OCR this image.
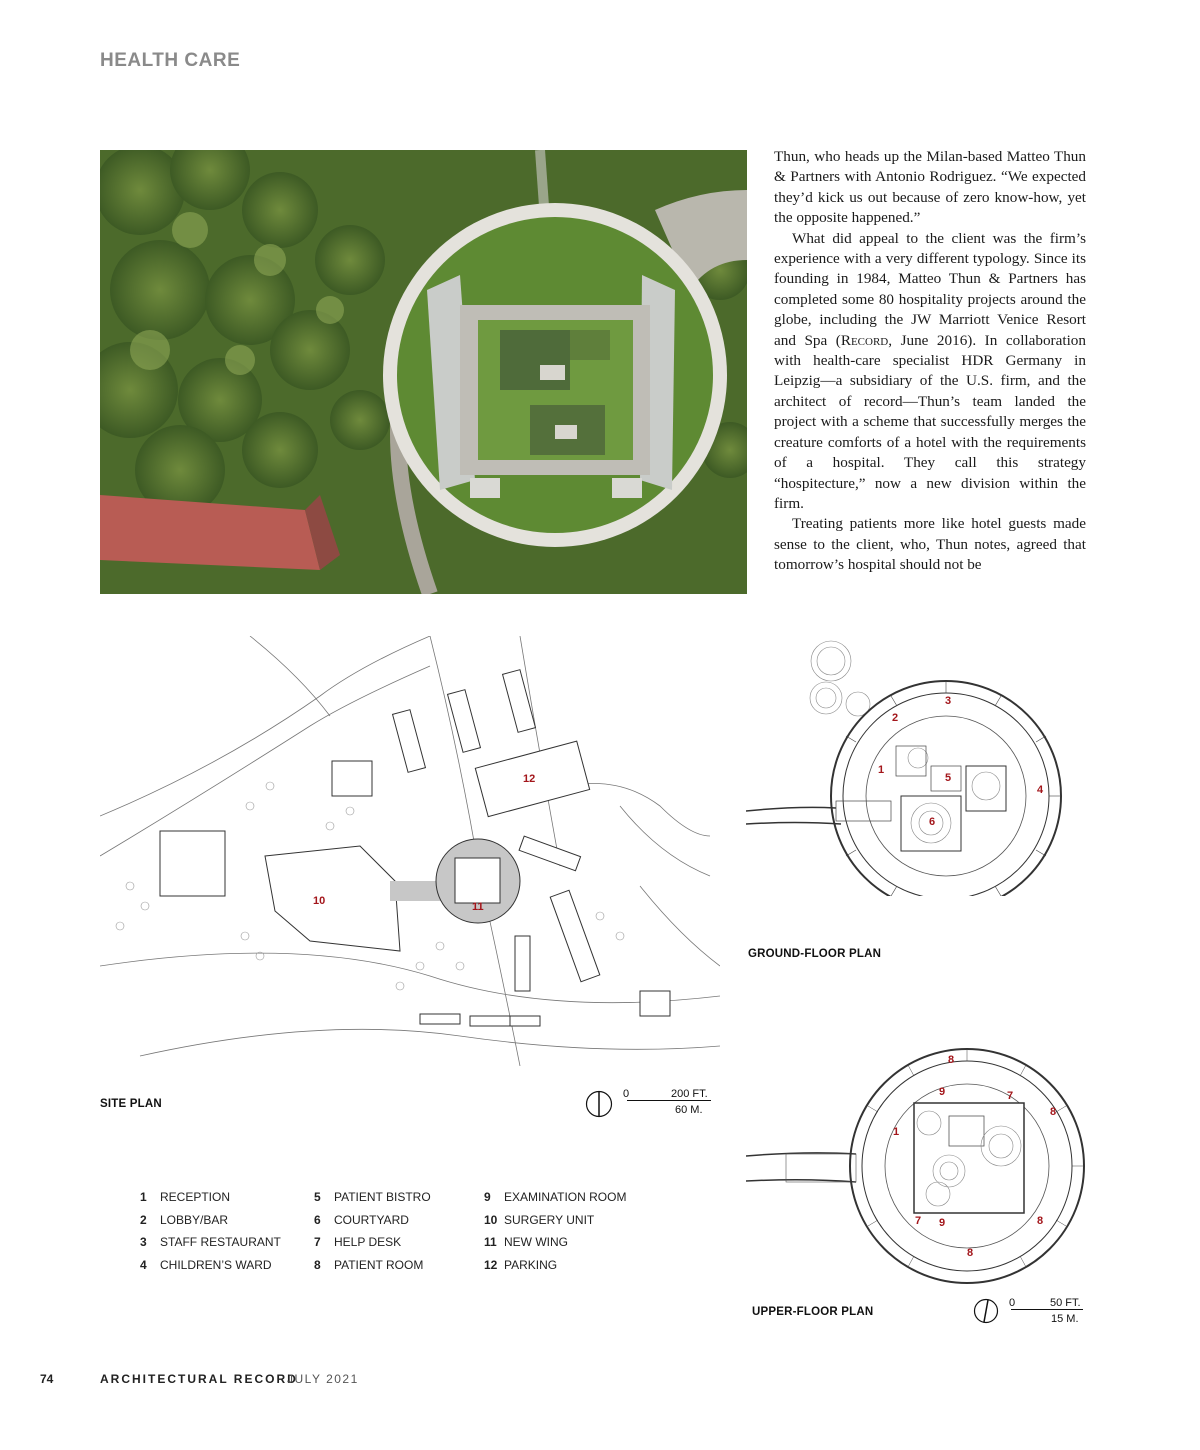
HEALTH CARE

Thun, who heads up the Milan-based Matteo Thun & Partners with Antonio Rodriguez. “We expected they’d kick us out because of zero know-how, yet the opposite happened.”

What did appeal to the client was the firm’s experience with a very different typology. Since its founding in 1984, Matteo Thun & Partners has completed some 80 hospitality projects around the globe, including the JW Marriott Venice Resort and Spa (Record, June 2016). In collaboration with health-care specialist HDR Germany in Leipzig—a subsidiary of the U.S. firm, and the architect of record—Thun’s team landed the project with a scheme that successfully merges the creature comforts of a hotel with the requirements of a hospital. They call this strategy “hospitecture,” now a new division within the firm.

Treating patients more like hotel guests made sense to the client, who, Thun notes, agreed that tomorrow’s hospital should not be

10	11
12
SITE PLAN
0	200 FT.
60 M.
1
2
3
4
5
6
GROUND-FLOOR PLAN
1
7
7
8
8
8
8
9
9
UPPER-FLOOR PLAN
0	50 FT.
15 M.
1 RECEPTION
2 LOBBY/BAR
3 STAFF RESTAURANT
4 CHILDREN’S WARD
5 PATIENT BISTRO
6 COURTYARD
7 HELP DESK
8 PATIENT ROOM
9 EXAMINATION ROOM
10 SURGERY UNIT
11 NEW WING
12 PARKING
74	ARCHITECTURAL RECORD
JULY 2021
